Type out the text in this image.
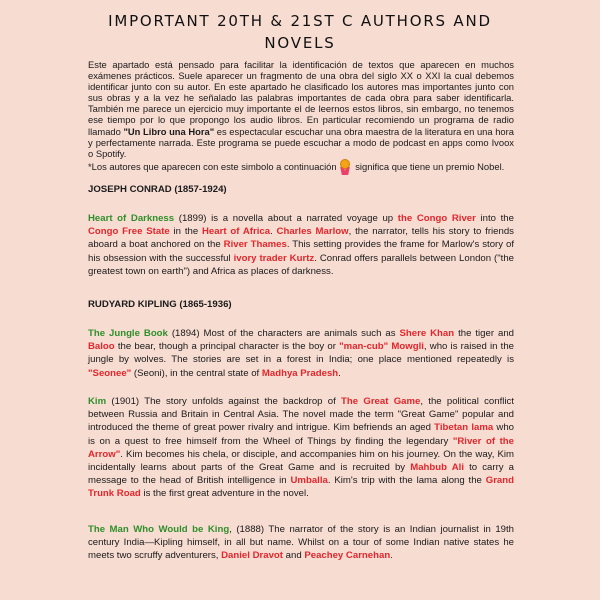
IMPORTANT 20TH & 21ST C AUTHORS AND
NOVELS
Este apartado está pensado para facilitar la identificación de textos que aparecen en muchos exámenes prácticos. Suele aparecer un fragmento de una obra del siglo XX o XXI la cual debemos identificar junto con su autor. En este apartado he clasificado los autores mas importantes junto con sus obras y a la vez he señalado las palabras importantes de cada obra para saber identificarla. También me parece un ejercicio muy importante el de leernos estos libros, sin embargo, no tenemos ese tiempo por lo que propongo los audio libros. En particular recomiendo un programa de radio llamado "Un Libro una Hora" es espectacular escuchar una obra maestra de la literatura en una hora y perfectamente narrada. Este programa se puede escuchar a modo de podcast en apps como Ivoox o Spotify.
*Los autores que aparecen con este simbolo a continuación
significa que tiene un premio Nobel.
JOSEPH CONRAD (1857-1924)
Heart of Darkness (1899) is a novella about a narrated voyage up the Congo River into the Congo Free State in the Heart of Africa. Charles Marlow, the narrator, tells his story to friends aboard a boat anchored on the River Thames. This setting provides the frame for Marlow's story of his obsession with the successful ivory trader Kurtz. Conrad offers parallels between London ("the greatest town on earth") and Africa as places of darkness.
RUDYARD KIPLING (1865-1936)
The Jungle Book (1894) Most of the characters are animals such as Shere Khan the tiger and Baloo the bear, though a principal character is the boy or "man-cub" Mowgli, who is raised in the jungle by wolves. The stories are set in a forest in India; one place mentioned repeatedly is "Seonee" (Seoni), in the central state of Madhya Pradesh.
Kim (1901) The story unfolds against the backdrop of The Great Game, the political conflict between Russia and Britain in Central Asia. The novel made the term "Great Game" popular and introduced the theme of great power rivalry and intrigue. Kim befriends an aged Tibetan lama who is on a quest to free himself from the Wheel of Things by finding the legendary "River of the Arrow". Kim becomes his chela, or disciple, and accompanies him on his journey. On the way, Kim incidentally learns about parts of the Great Game and is recruited by Mahbub Ali to carry a message to the head of British intelligence in Umballa. Kim's trip with the lama along the Grand Trunk Road is the first great adventure in the novel.
The Man Who Would be King, (1888) The narrator of the story is an Indian journalist in 19th century India—Kipling himself, in all but name. Whilst on a tour of some Indian native states he meets two scruffy adventurers, Daniel Dravot and Peachey Carnehan.
